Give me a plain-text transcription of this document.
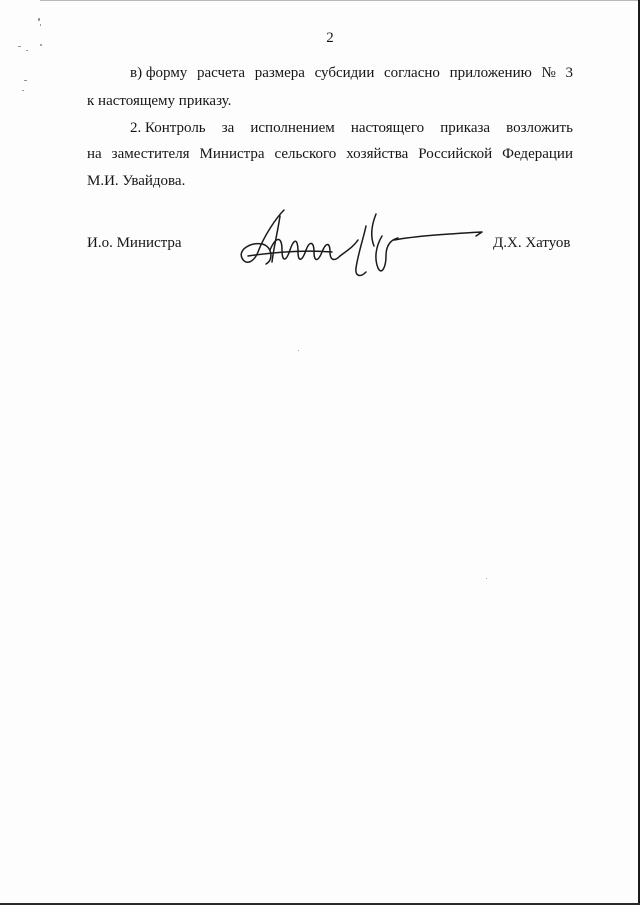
2
в) форму расчета размера субсидии согласно приложению № 3
к настоящему приказу.
2. Контроль за исполнением настоящего приказа возложить
на заместителя Министра сельского хозяйства Российской Федерации
М.И. Увайдова.
И.о. Министра	Д.Х. Хатуов
